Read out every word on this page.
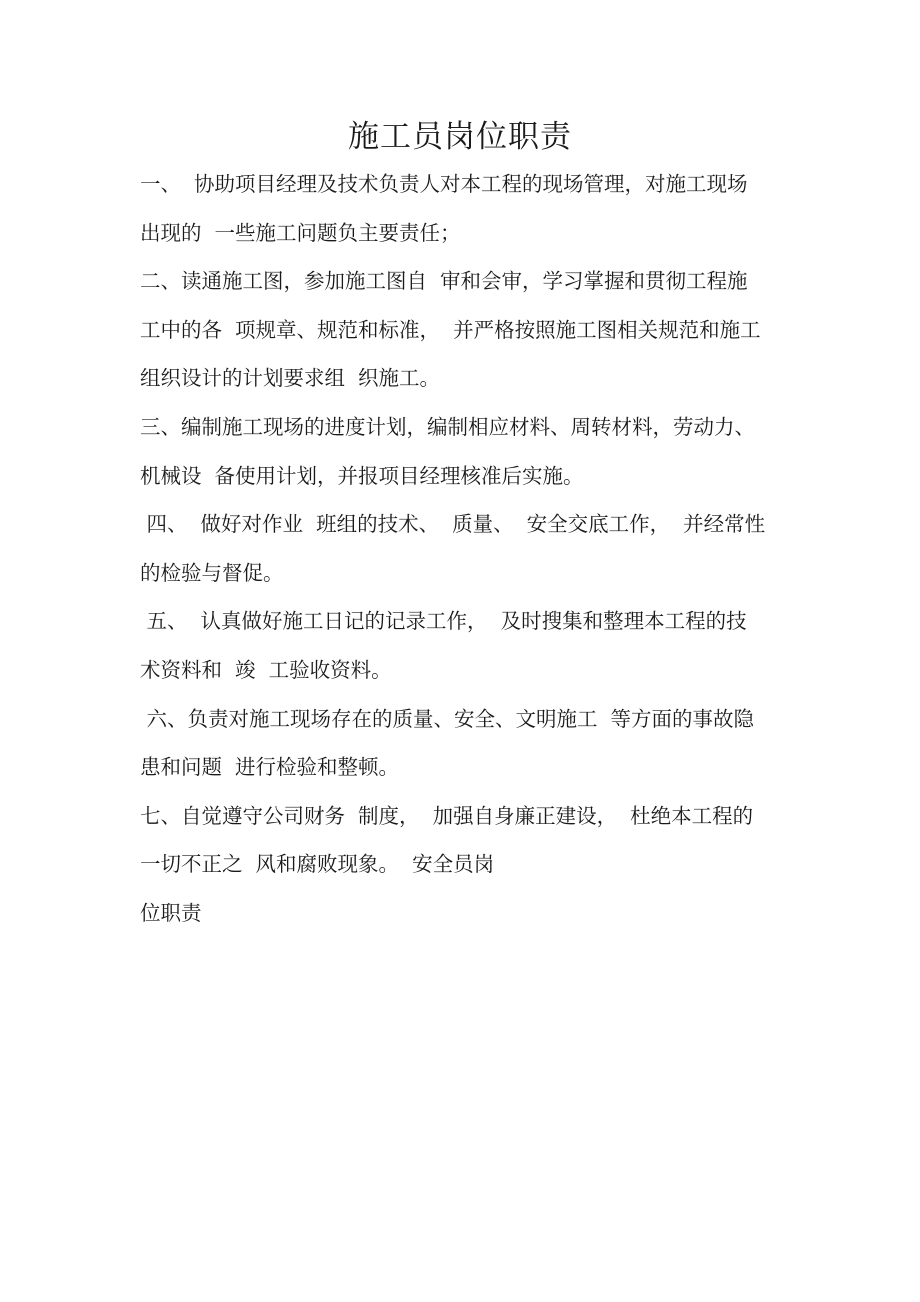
施工员岗位职责
一、  协助项目经理及技术负责人对本工程的现场管理，对施工现场
出现的  一些施工问题负主要责任；
二、读通施工图，参加施工图自  审和会审，学习掌握和贯彻工程施
工中的各  项规章、规范和标准，  并严格按照施工图相关规范和施工
组织设计的计划要求组  织施工。
三、编制施工现场的进度计划，编制相应材料、周转材料，劳动力、
机械设  备使用计划，并报项目经理核准后实施。
四、  做好对作业  班组的技术、  质量、  安全交底工作，  并经常性
的检验与督促。
五、  认真做好施工日记的记录工作，  及时搜集和整理本工程的技
术资料和  竣  工验收资料。
六、负责对施工现场存在的质量、安全、文明施工  等方面的事故隐
患和问题  进行检验和整顿。
七、自觉遵守公司财务  制度，  加强自身廉正建设，  杜绝本工程的
一切不正之  风和腐败现象。  安全员岗
位职责
